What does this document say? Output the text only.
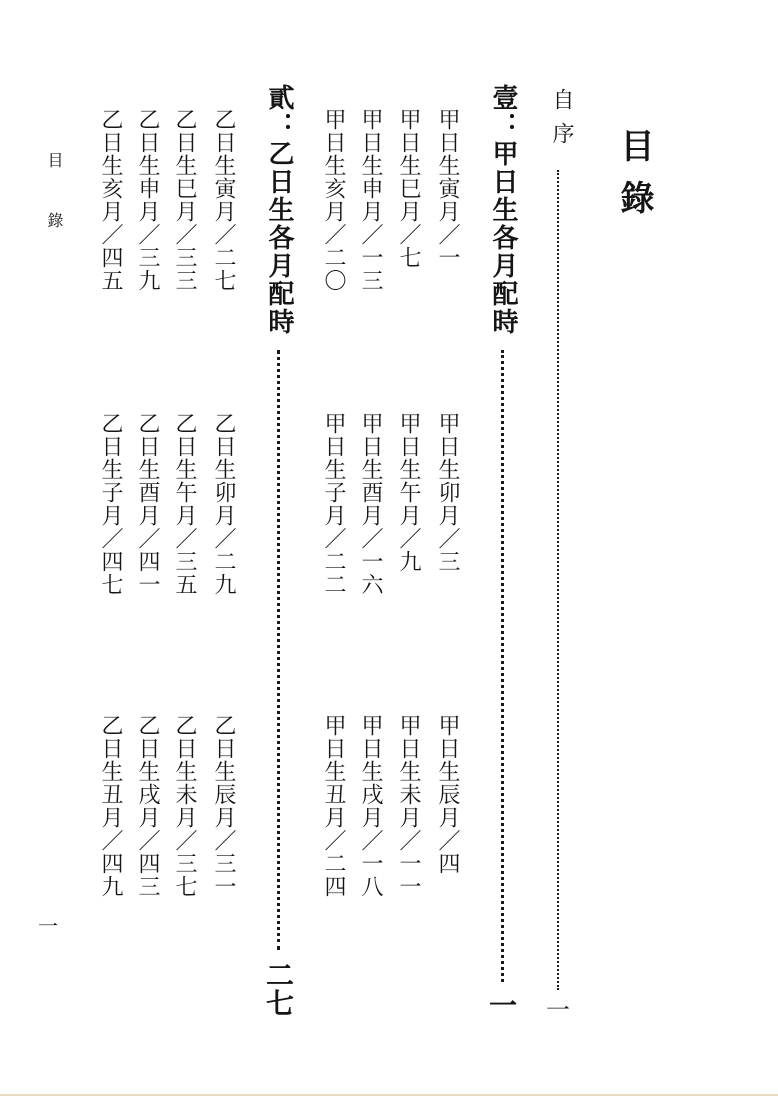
目錄
自序
一
壹：甲日生各月配時
一
甲日生寅月／一
甲日生巳月／七
甲日生申月／一三
甲日生亥月／二〇
甲日生卯月／三
甲日生午月／九
甲日生酉月／一六
甲日生子月／二二
甲日生辰月／四
甲日生未月／一一
甲日生戌月／一八
甲日生丑月／二四
貳：乙日生各月配時
二七
乙日生寅月／二七
乙日生巳月／三三
乙日生申月／三九
乙日生亥月／四五
乙日生卯月／二九
乙日生午月／三五
乙日生酉月／四一
乙日生子月／四七
乙日生辰月／三一
乙日生未月／三七
乙日生戌月／四三
乙日生丑月／四九
目錄
一
